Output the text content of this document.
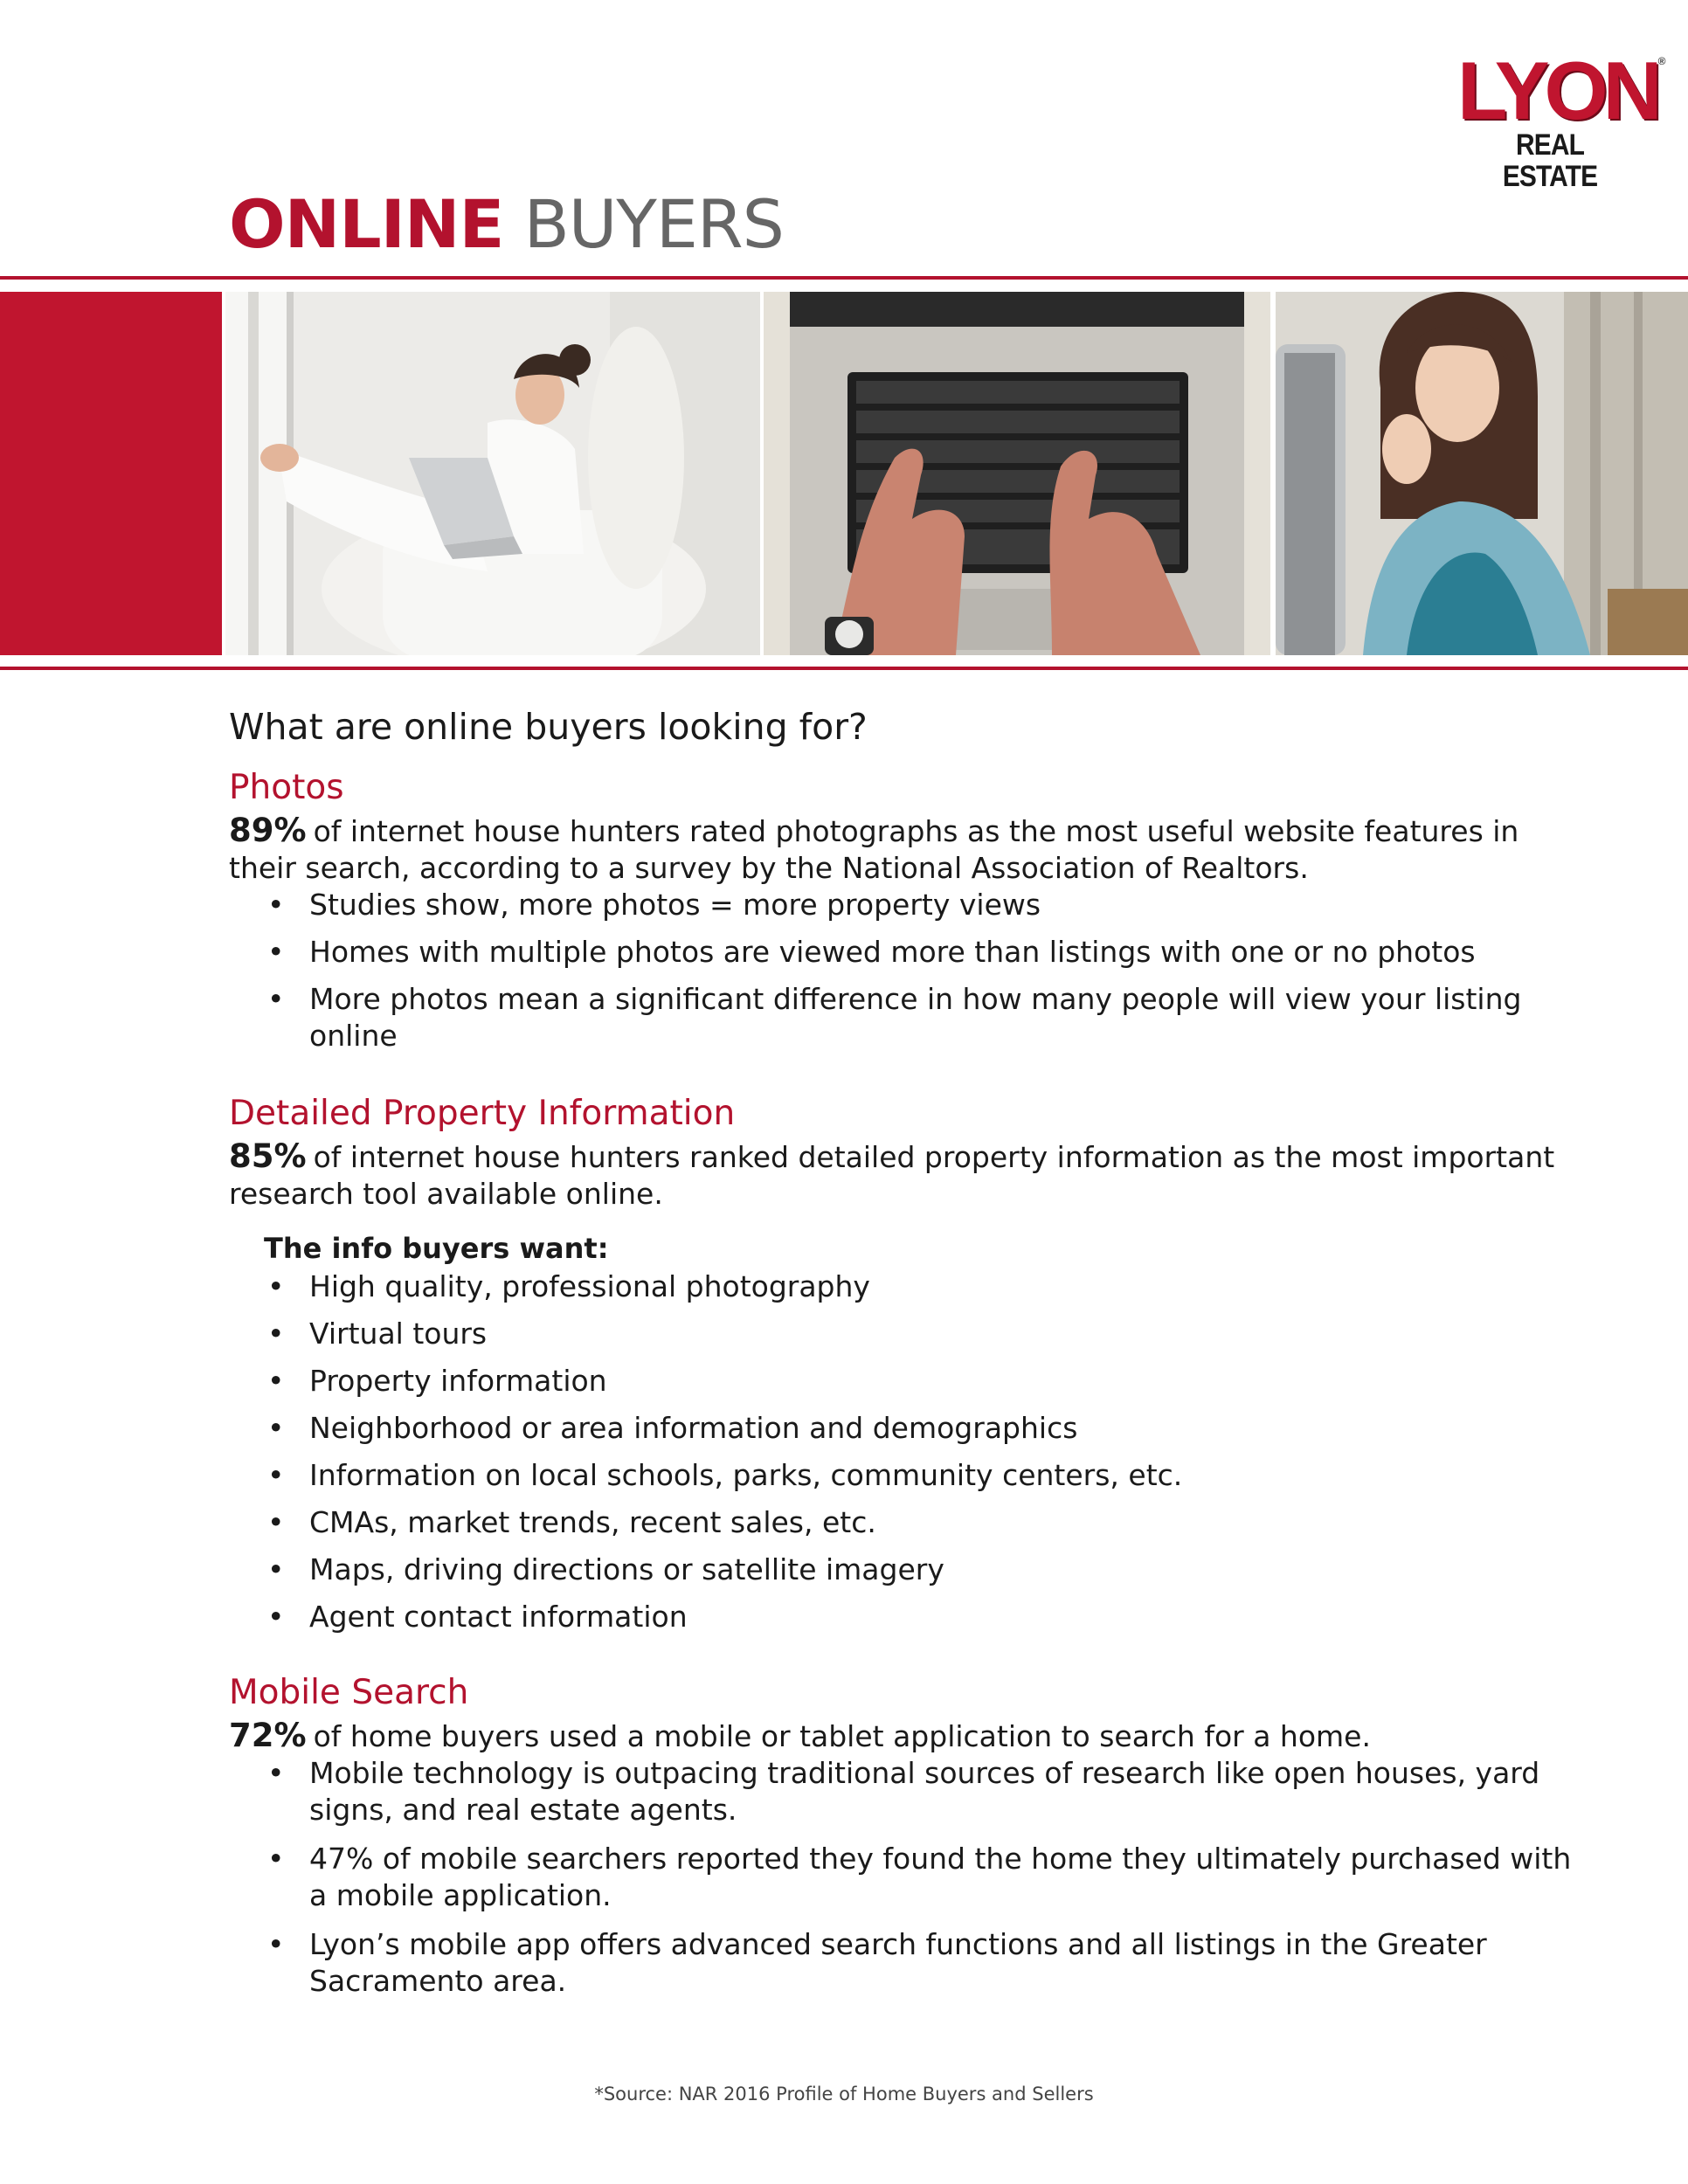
LYON ®
REAL ESTATE
ONLINE BUYERS
What are online buyers looking for?
Photos

89% of internet house hunters rated photographs as the most useful website features in their search, according to a survey by the National Association of Realtors.

• Studies show, more photos = more property views
• Homes with multiple photos are viewed more than listings with one or no photos
• More photos mean a significant difference in how many people will view your listing online
Detailed Property Information

85% of internet house hunters ranked detailed property information as the most important research tool available online.

The info buyers want:

• High quality, professional photography
• Virtual tours
• Property information
• Neighborhood or area information and demographics
• Information on local schools, parks, community centers, etc.
• CMAs, market trends, recent sales, etc.
• Maps, driving directions or satellite imagery
• Agent contact information
Mobile Search

72% of home buyers used a mobile or tablet application to search for a home.

• Mobile technology is outpacing traditional sources of research like open houses, yard signs, and real estate agents.
• 47% of mobile searchers reported they found the home they ultimately purchased with a mobile application.
• Lyon’s mobile app offers advanced search functions and all listings in the Greater Sacramento area.
*Source: NAR 2016 Profile of Home Buyers and Sellers
